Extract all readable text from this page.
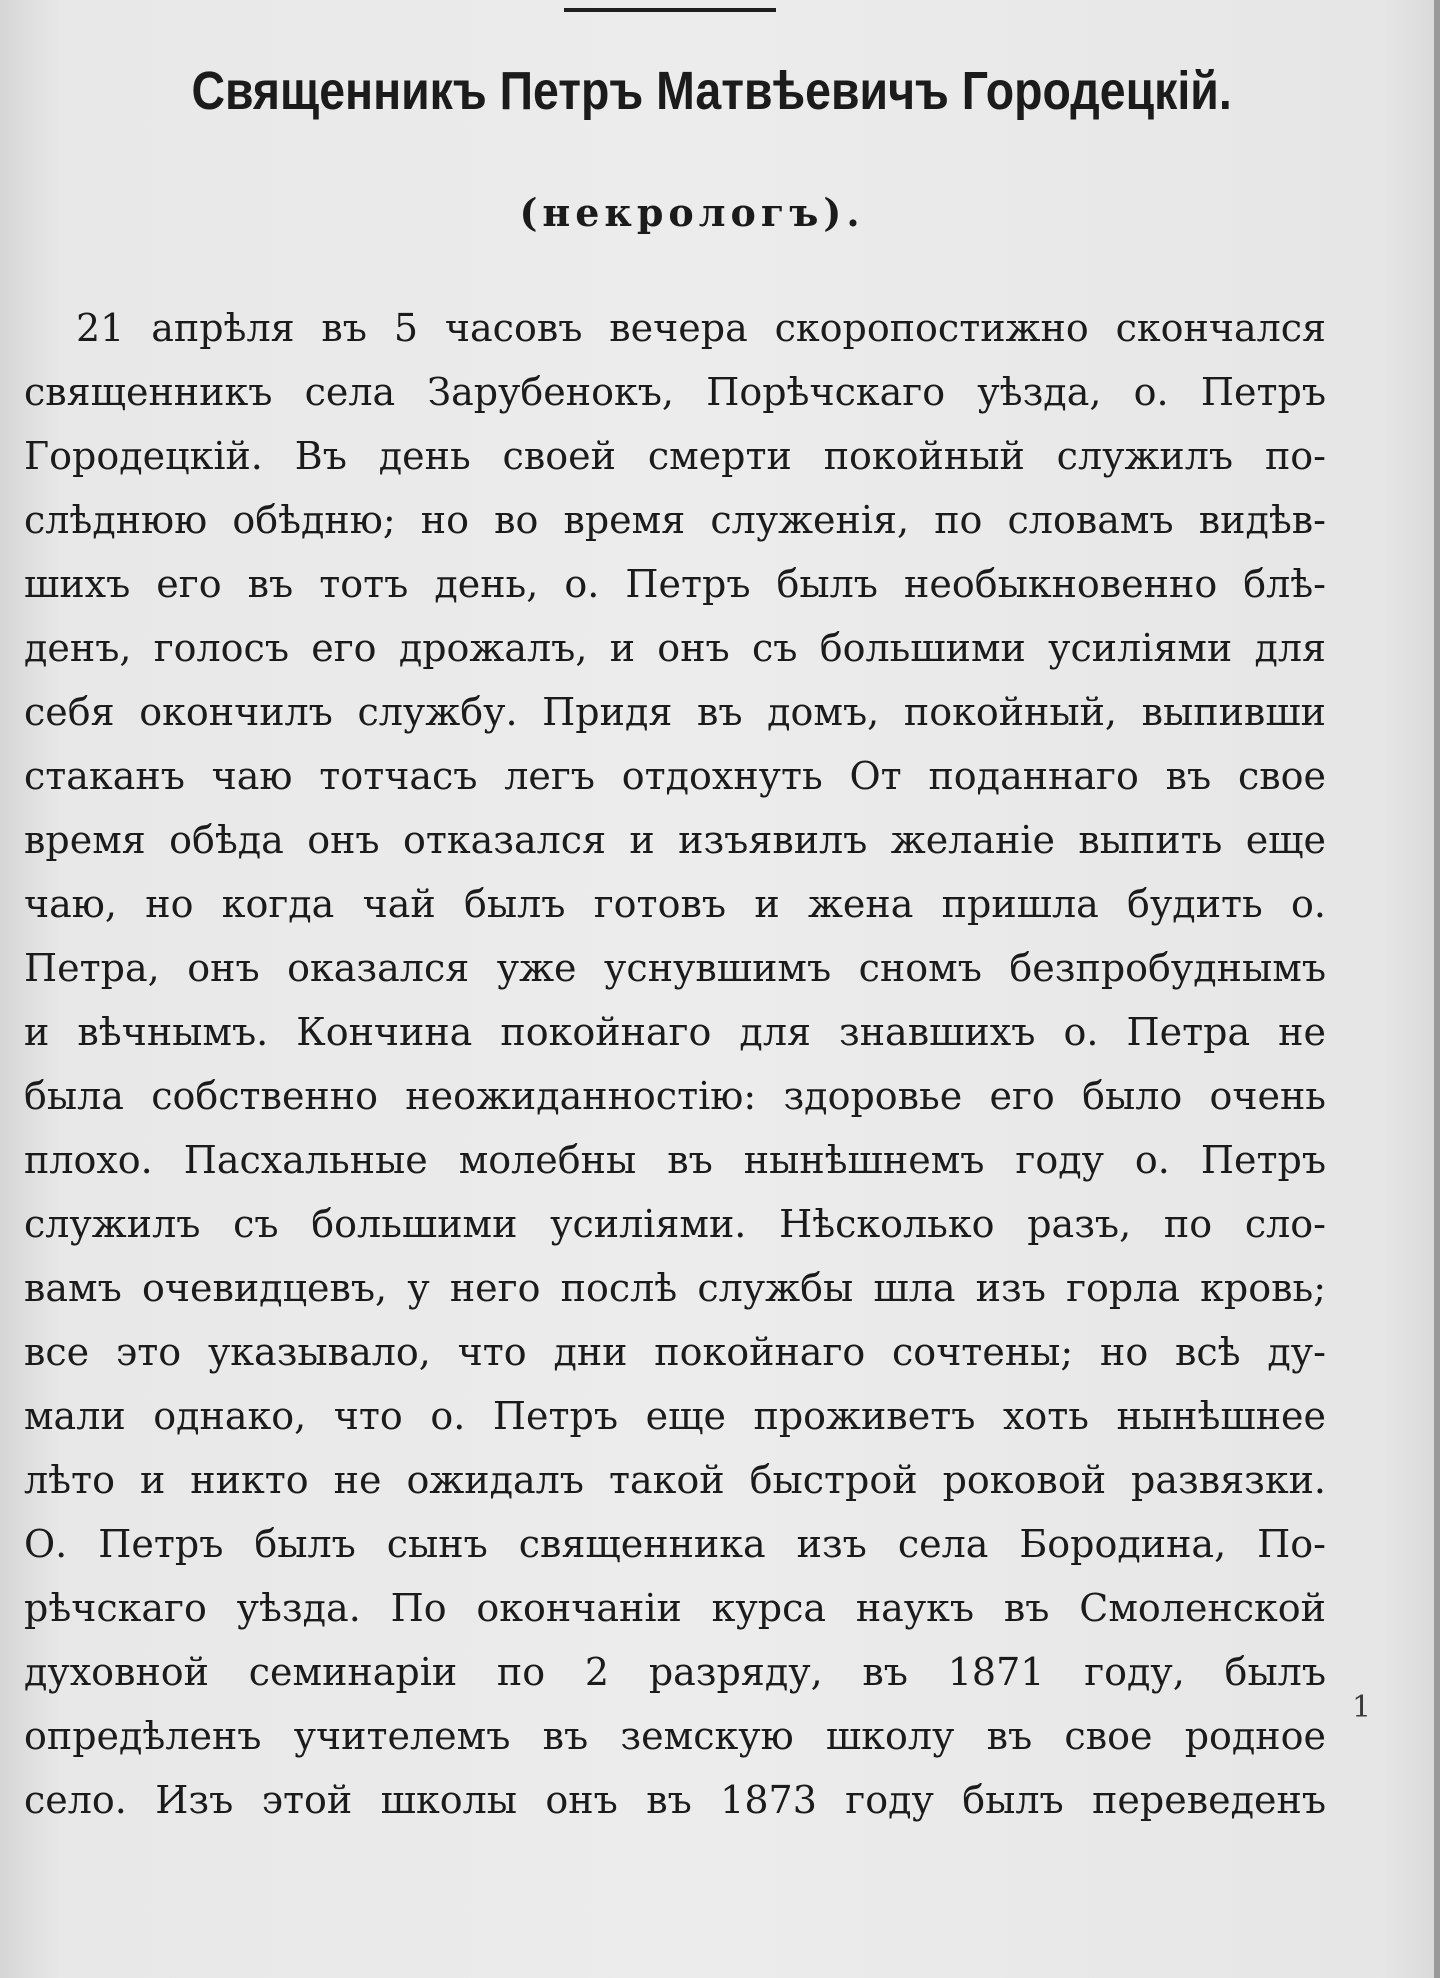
Священникъ Петръ Матвѣевичъ Городецкій.
(некрологъ).
21 апрѣля въ 5 часовъ вечера скоропостижно скончался
священникъ села Зарубенокъ, Порѣчскаго уѣзда, о. Петръ
Городецкій. Въ день своей смерти покойный служилъ по-
слѣднюю обѣдню; но во время служенія, по словамъ видѣв-
шихъ его въ тотъ день, о. Петръ былъ необыкновенно блѣ-
денъ, голосъ его дрожалъ, и онъ съ большими усиліями для
себя окончилъ службу. Придя въ домъ, покойный, выпивши
стаканъ чаю тотчасъ легъ отдохнуть От поданнаго въ свое
время обѣда онъ отказался и изъявилъ желаніе выпить еще
чаю, но когда чай былъ готовъ и жена пришла будить о.
Петра, онъ оказался уже уснувшимъ сномъ безпробуднымъ
и вѣчнымъ. Кончина покойнаго для знавшихъ о. Петра не
была собственно неожиданностію: здоровье его было очень
плохо. Пасхальные молебны въ нынѣшнемъ году о. Петръ
служилъ съ большими усиліями. Нѣсколько разъ, по сло-
вамъ очевидцевъ, у него послѣ службы шла изъ горла кровь;
все это указывало, что дни покойнаго сочтены; но всѣ ду-
мали однако, что о. Петръ еще проживетъ хоть нынѣшнее
лѣто и никто не ожидалъ такой быстрой роковой развязки.
О. Петръ былъ сынъ священника изъ села Бородина, По-
рѣчскаго уѣзда. По окончаніи курса наукъ въ Смоленской
духовной семинаріи по 2 разряду, въ 1871 году, былъ
опредѣленъ учителемъ въ земскую школу въ свое родное
село. Изъ этой школы онъ въ 1873 году былъ переведенъ
1
